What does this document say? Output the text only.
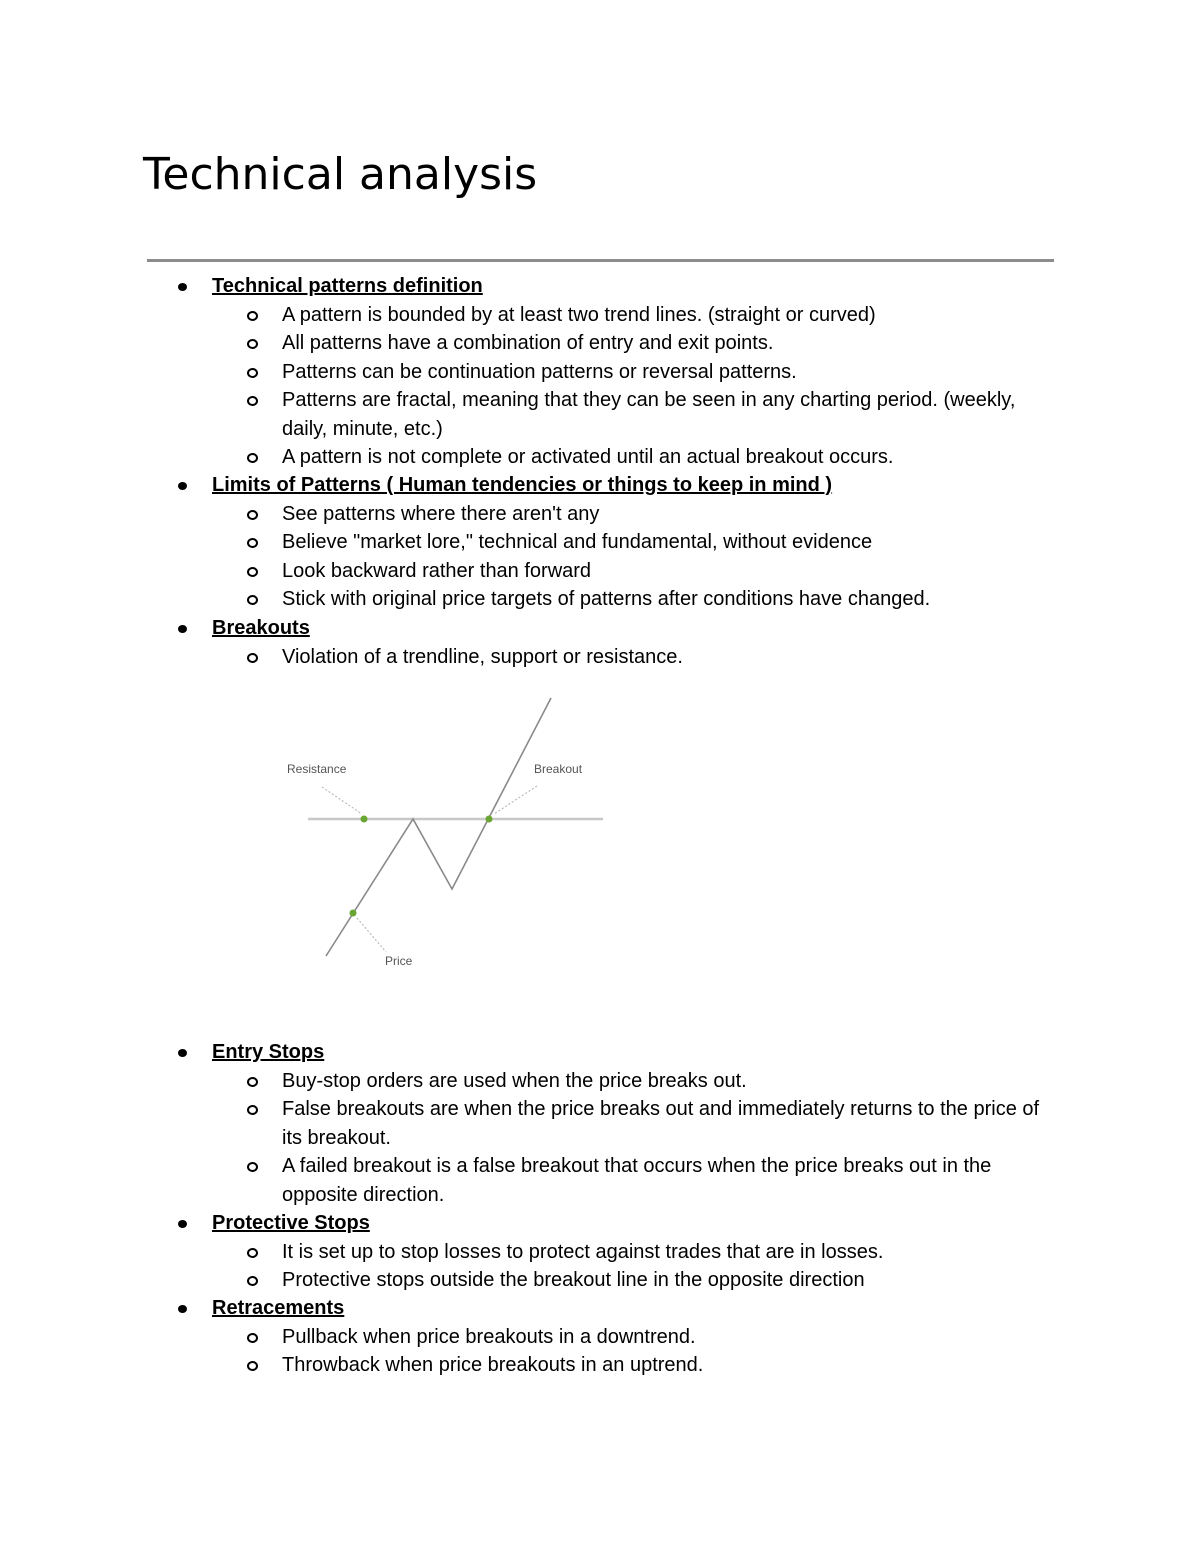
Technical analysis

Technical patterns definition

A pattern is bounded by at least two trend lines. (straight or curved)
All patterns have a combination of entry and exit points.
Patterns can be continuation patterns or reversal patterns.
Patterns are fractal, meaning that they can be seen in any charting period. (weekly, daily, minute, etc.)
A pattern is not complete or activated until an actual breakout occurs.

Limits of Patterns ( Human tendencies or things to keep in mind )

See patterns where there aren't any
Believe "market lore," technical and fundamental, without evidence
Look backward rather than forward
Stick with original price targets of patterns after conditions have changed.

Breakouts

Violation of a trendline, support or resistance.
Resistance	Breakout
Price

Entry Stops

Buy-stop orders are used when the price breaks out.
False breakouts are when the price breaks out and immediately returns to the price of its breakout.
A failed breakout is a false breakout that occurs when the price breaks out in the opposite direction.

Protective Stops

It is set up to stop losses to protect against trades that are in losses.
Protective stops outside the breakout line in the opposite direction

Retracements

Pullback when price breakouts in a downtrend.
Throwback when price breakouts in an uptrend.
